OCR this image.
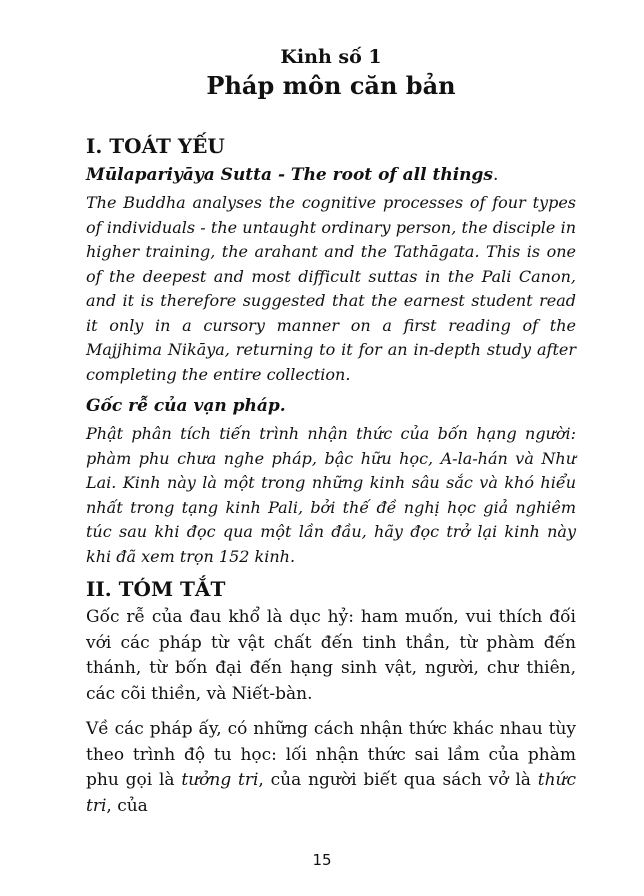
Kinh số 1

Pháp môn căn bản
I. TOÁT YẾU

Mūlapariyāya Sutta - The root of all things.

The Buddha analyses the cognitive processes of four types of individuals - the untaught ordinary person, the disciple in higher training, the arahant and the Tathāgata. This is one of the deepest and most difficult suttas in the Pali Canon, and it is therefore suggested that the earnest student read it only in a cursory manner on a first reading of the Majjhima Nikāya, returning to it for an in-depth study after completing the entire collection.

Gốc rễ của vạn pháp.

Phật phân tích tiến trình nhận thức của bốn hạng người: phàm phu chưa nghe pháp, bậc hữu học, A-la-hán và Như Lai. Kinh này là một trong những kinh sâu sắc và khó hiểu nhất trong tạng kinh Pali, bởi thế đề nghị học giả nghiêm túc sau khi đọc qua một lần đầu, hãy đọc trở lại kinh này khi đã xem trọn 152 kinh.

II. TÓM TẮT

Gốc rễ của đau khổ là dục hỷ: ham muốn, vui thích đối với các pháp từ vật chất đến tinh thần, từ phàm đến thánh, từ bốn đại đến hạng sinh vật, người, chư thiên, các cõi thiền, và Niết-bàn.

Về các pháp ấy, có những cách nhận thức khác nhau tùy theo trình độ tu học: lối nhận thức sai lầm của phàm phu gọi là tưởng tri, của người biết qua sách vở là thức tri, của

15
